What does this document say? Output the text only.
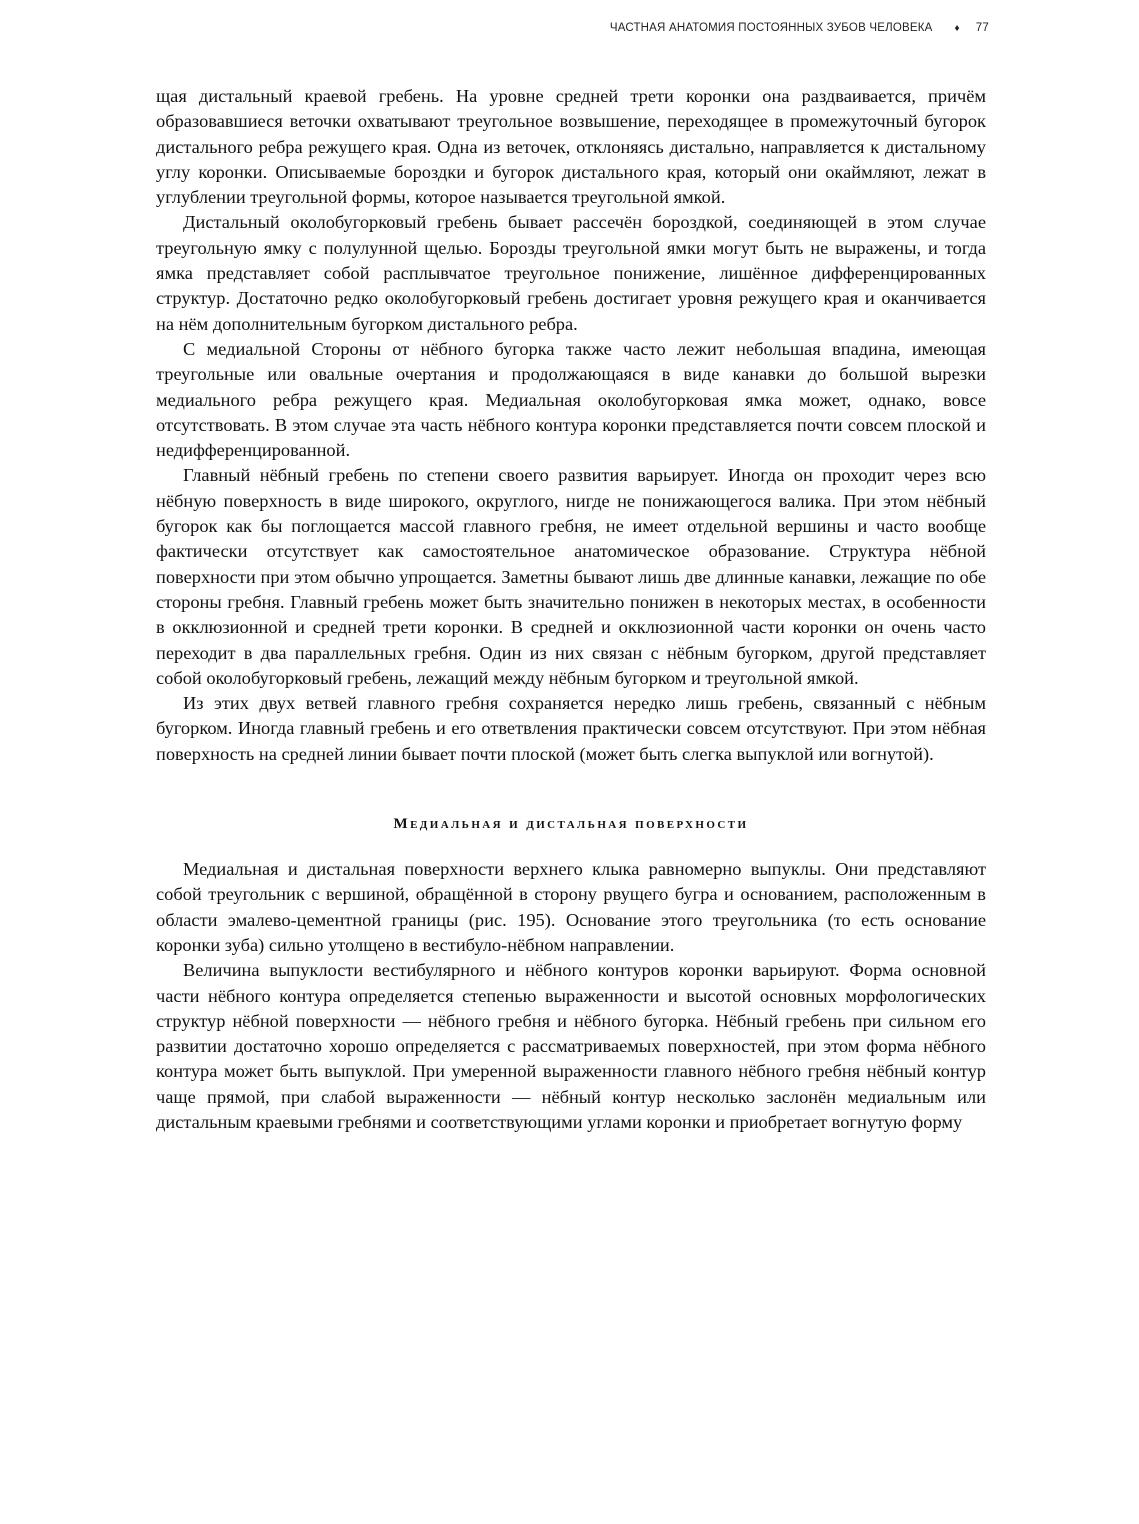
ЧАСТНАЯ АНАТОМИЯ ПОСТОЯННЫХ ЗУБОВ ЧЕЛОВЕКА ♦ 77

щая дистальный краевой гребень. На уровне средней трети коронки она раздваивается, причём образовавшиеся веточки охватывают треугольное возвышение, переходящее в промежуточный бугорок дистального ребра режущего края. Одна из веточек, отклоняясь дистально, направляется к дистальному углу коронки. Описываемые бороздки и бугорок дистального края, который они окаймляют, лежат в углублении треугольной формы, которое называется треугольной ямкой.

Дистальный околобугорковый гребень бывает рассечён бороздкой, соединяющей в этом случае треугольную ямку с полулунной щелью. Борозды треугольной ямки могут быть не выражены, и тогда ямка представляет собой расплывчатое треугольное понижение, лишённое дифференцированных структур. Достаточно редко околобугорковый гребень достигает уровня режущего края и оканчивается на нём дополнительным бугорком дистального ребра.

С медиальной Стороны от нёбного бугорка также часто лежит небольшая впадина, имеющая треугольные или овальные очертания и продолжающаяся в виде канавки до большой вырезки медиального ребра режущего края. Медиальная околобугорковая ямка может, однако, вовсе отсутствовать. В этом случае эта часть нёбного контура коронки представляется почти совсем плоской и недифференцированной.

Главный нёбный гребень по степени своего развития варьирует. Иногда он проходит через всю нёбную поверхность в виде широкого, округлого, нигде не понижающегося валика. При этом нёбный бугорок как бы поглощается массой главного гребня, не имеет отдельной вершины и часто вообще фактически отсутствует как самостоятельное анатомическое образование. Структура нёбной поверхности при этом обычно упрощается. Заметны бывают лишь две длинные канавки, лежащие по обе стороны гребня. Главный гребень может быть значительно понижен в некоторых местах, в особенности в окклюзионной и средней трети коронки. В средней и окклюзионной части коронки он очень часто переходит в два параллельных гребня. Один из них связан с нёбным бугорком, другой представляет собой околобугорковый гребень, лежащий между нёбным бугорком и треугольной ямкой.

Из этих двух ветвей главного гребня сохраняется нередко лишь гребень, связанный с нёбным бугорком. Иногда главный гребень и его ответвления практически совсем отсутствуют. При этом нёбная поверхность на средней линии бывает почти плоской (может быть слегка выпуклой или вогнутой).

Медиальная и дистальная поверхности

Медиальная и дистальная поверхности верхнего клыка равномерно выпуклы. Они представляют собой треугольник с вершиной, обращённой в сторону рвущего бугра и основанием, расположенным в области эмалево-цементной границы (рис. 195). Основание этого треугольника (то есть основание коронки зуба) сильно утолщено в вестибуло-нёбном направлении.

Величина выпуклости вестибулярного и нёбного контуров коронки варьируют. Форма основной части нёбного контура определяется степенью выраженности и высотой основных морфологических структур нёбной поверхности — нёбного гребня и нёбного бугорка. Нёбный гребень при сильном его развитии достаточно хорошо определяется с рассматриваемых поверхностей, при этом форма нёбного контура может быть выпуклой. При умеренной выраженности главного нёбного гребня нёбный контур чаще прямой, при слабой выраженности — нёбный контур несколько заслонён медиальным или дистальным краевыми гребнями и соответствующими углами коронки и приобретает вогнутую форму
